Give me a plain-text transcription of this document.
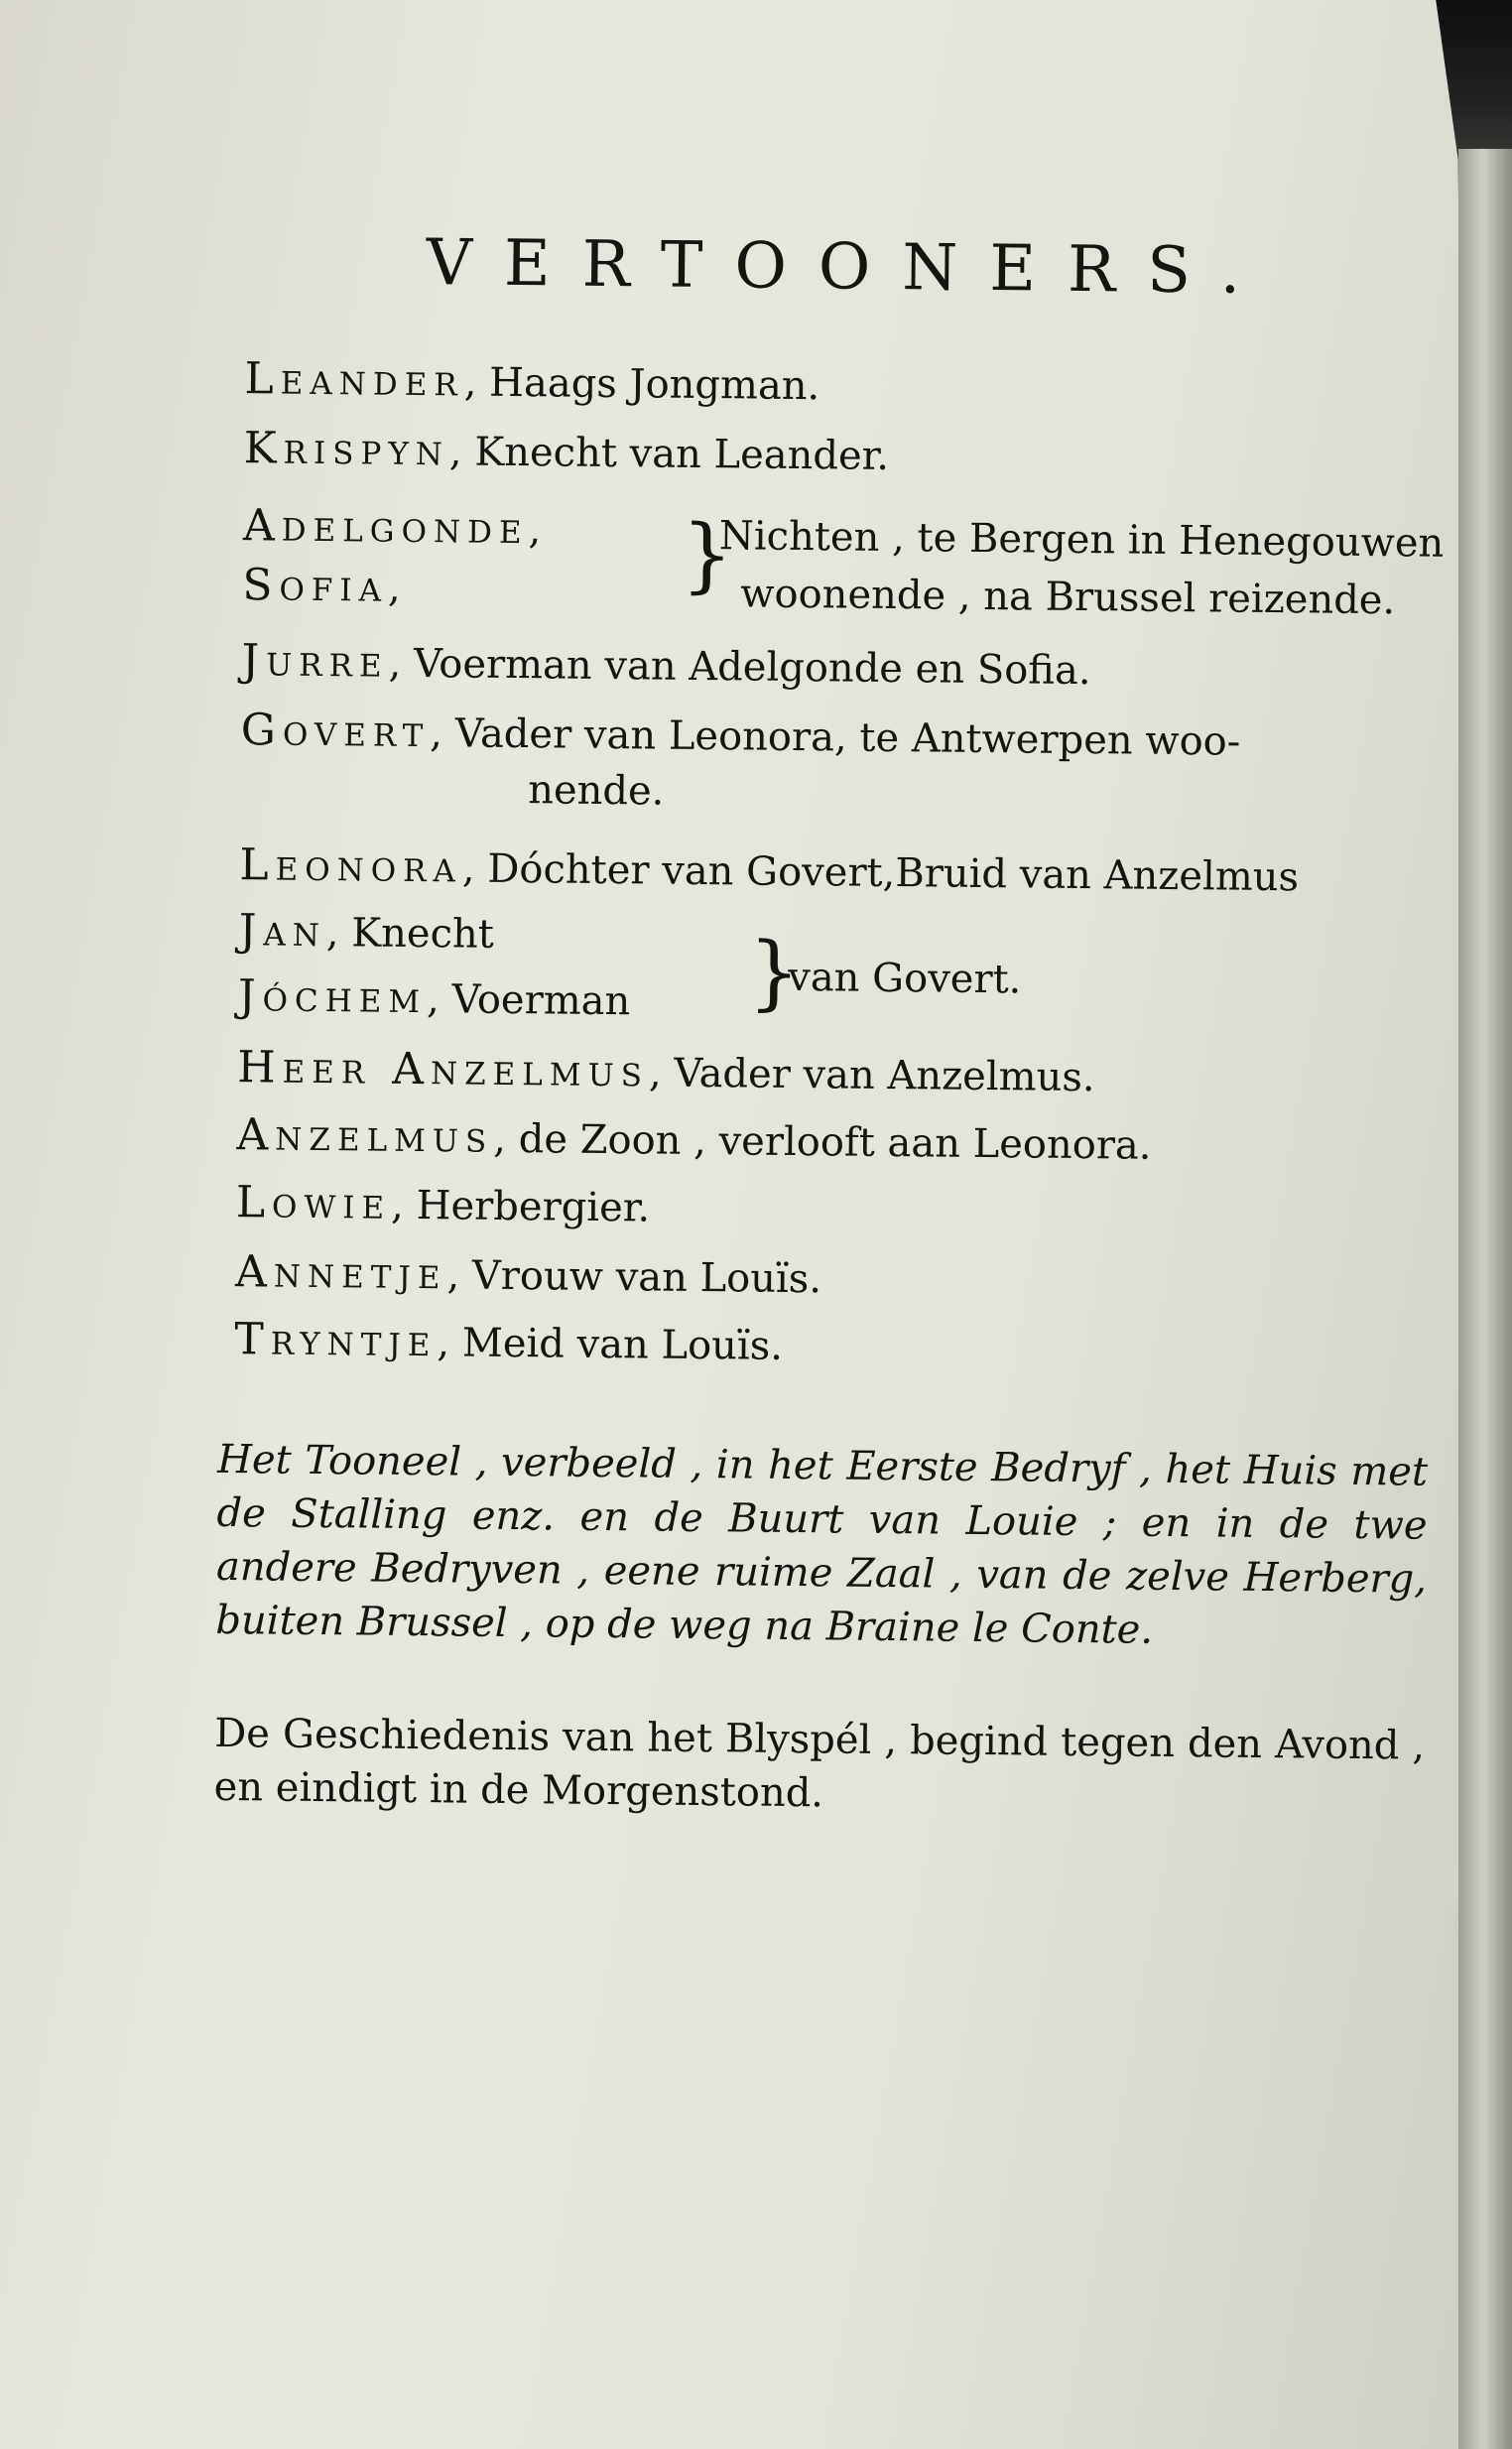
VERTOONERS.
Leander, Haags Jongman.
Krispyn, Knecht van Leander.
Adelgonde,
Sofia,	}
Nichten , te Bergen in Henegouwen
woonende , na Brussel reizende.
Jurre, Voerman van Adelgonde en Sofia.
Govert, Vader van Leonora, te Antwerpen woo-
nende.
Leonora, Dóchter van Govert,Bruid van Anzelmus
Jan, Knecht
Jóchem, Voerman }
van Govert.
Heer Anzelmus, Vader van Anzelmus.
Anzelmus, de Zoon , verlooft aan Leonora.
Lowie, Herbergier.
Annetje, Vrouw van Louïs.
Tryntje, Meid van Louïs.
Het Tooneel , verbeeld , in het Eerste Bedryf , het Huis met de Stalling enz. en de Buurt van Louie ; en in de twe andere Bedryven , eene ruime Zaal , van de zelve Herberg, buiten Brussel , op de weg na Braine le Conte.
De Geschiedenis van het Blyspél , begind tegen den Avond , en eindigt in de Morgenstond.
